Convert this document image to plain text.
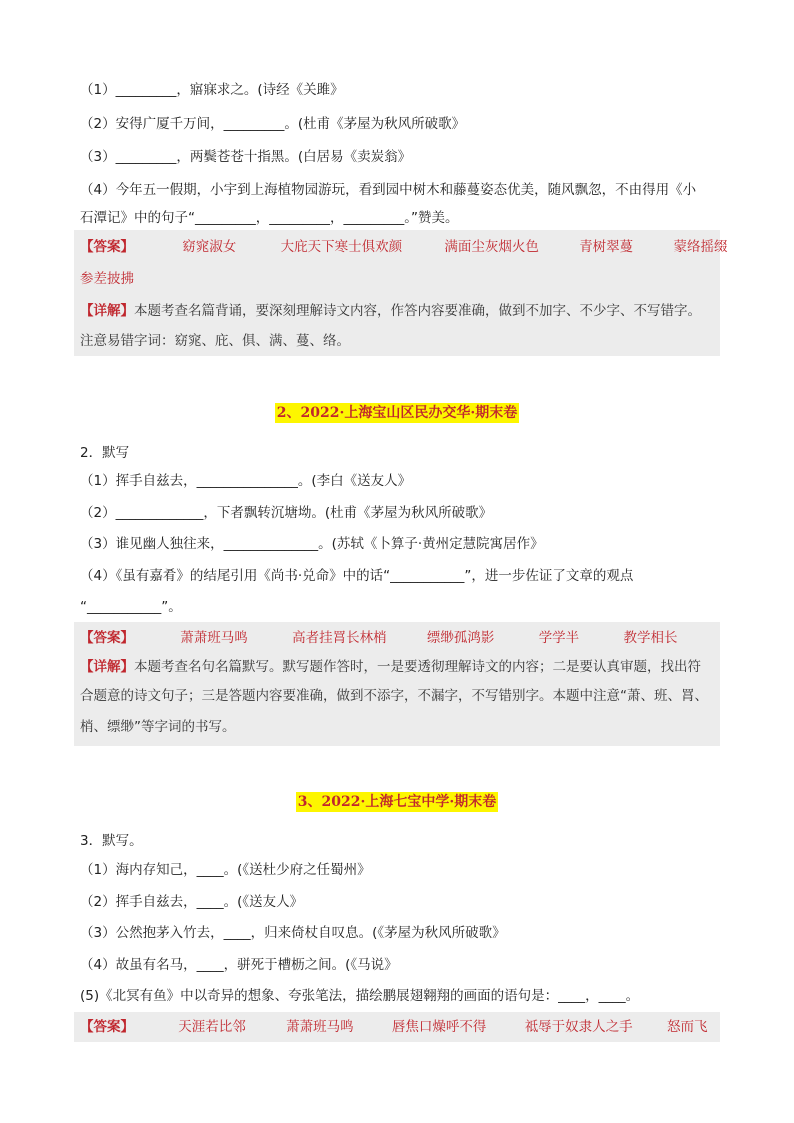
（1）_________，寤寐求之。(诗经《关雎》
（2）安得广厦千万间，_________。(杜甫《茅屋为秋风所破歌》
（3）_________，两鬓苍苍十指黑。(白居易《卖炭翁》
（4）今年五一假期，小宇到上海植物园游玩，看到园中树木和藤蔓姿态优美，随风飘忽，不由得用《小
石潭记》中的句子“_________，_________，_________。”赞美。
【答案】	窈窕淑女	大庇天下寒士俱欢颜	满面尘灰烟火色	青树翠蔓	蒙络摇缀
参差披拂
【详解】本题考查名篇背诵，要深刻理解诗文内容，作答内容要准确，做到不加字、不少字、不写错字。
注意易错字词：窈窕、庇、俱、满、蔓、络。
2、2022·上海宝山区民办交华·期末卷
2．默写
（1）挥手自兹去，_______________。(李白《送友人》
（2）_____________，下者飘转沉塘坳。(杜甫《茅屋为秋风所破歌》
（3）谁见幽人独往来，______________。(苏轼《卜算子·黄州定慧院寓居作》
（4）《虽有嘉肴》的结尾引用《尚书·兑命》中的话“___________”，进一步佐证了文章的观点
“___________”。
【答案】	萧萧班马鸣	高者挂罥长林梢	缥缈孤鸿影	学学半	教学相长
【详解】本题考查名句名篇默写。默写题作答时，一是要透彻理解诗文的内容；二是要认真审题，找出符
合题意的诗文句子；三是答题内容要准确，做到不添字，不漏字，不写错别字。本题中注意“萧、班、罥、
梢、缥缈”等字词的书写。
3、2022·上海七宝中学·期末卷
3．默写。
（1）海内存知己，____。(《送杜少府之任蜀州》
（2）挥手自兹去，____。(《送友人》
（3）公然抱茅入竹去，____，归来倚杖自叹息。(《茅屋为秋风所破歌》
（4）故虽有名马，____，骈死于槽枥之间。(《马说》
(5)《北冥有鱼》中以奇异的想象、夸张笔法，描绘鹏展翅翱翔的画面的语句是：____，____。
【答案】	天涯若比邻	萧萧班马鸣	唇焦口燥呼不得	祗辱于奴隶人之手	怒而飞
